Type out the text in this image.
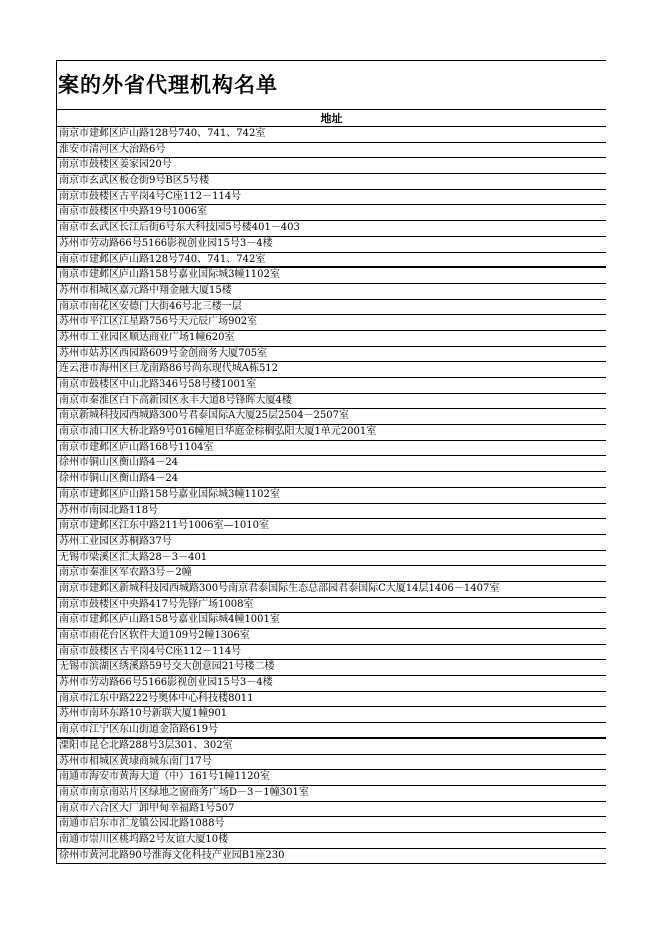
案的外省代理机构名单
地址
南京市建邺区庐山路128号740、741、742室
淮安市清河区大治路6号
南京市鼓楼区姜家园20号
南京市玄武区板仓街9号B区5号楼
南京市鼓楼区古平岗4号C座112－114号
南京市鼓楼区中央路19号1006室
南京市玄武区长江后街6号东大科技园5号楼401－403
苏州市劳动路66号5166影视创业园15号3－4楼
南京市建邺区庐山路128号740、741、742室
南京市建邺区庐山路158号嘉业国际城3幢1102室
苏州市相城区嘉元路中翔金融大厦15楼
南京市南花区安德门大街46号北三楼一层
苏州市平江区江星路756号天元辰广场902室
苏州市工业园区顺达商业广场1幢620室
苏州市姑苏区西园路609号金创商务大厦705室
连云港市海州区巨龙南路86号尚东现代城A栋512
南京市鼓楼区中山北路346号58号楼1001室
南京市秦淮区白下高新园区永丰大道8号锋晖大厦4楼
南京新城科技园西城路300号君泰国际A大厦25层2504－2507室
南京市浦口区大桥北路9号016幢旭日华庭金棕榈弘阳大厦1单元2001室
南京市建邺区庐山路168号1104室
徐州市铜山区衡山路4－24
徐州市铜山区衡山路4－24
南京市建邺区庐山路158号嘉业国际城3幢1102室
苏州市南园北路118号
南京市建邺区江东中路211号1006室—1010室
苏州工业园区苏桐路37号
无锡市梁溪区汇太路28－3－401
南京市秦淮区军农路3号－2幢
南京市建邺区新城科技园西城路300号南京君泰国际生态总部园君泰国际C大厦14层1406－1407室
南京市鼓楼区中央路417号先锋广场1008室
南京市建邺区庐山路158号嘉业国际城4幢1001室
南京市雨花台区软件大道109号2幢1306室
南京市鼓楼区古平岗4号C座112－114号
无锡市滨湖区绣溪路59号交大创意园21号楼二楼
苏州市劳动路66号5166影视创业园15号3－4楼
南京市江东中路222号奥体中心科技楼8011
苏州市南环东路10号新联大厦1幢901
南京市江宁区东山街道金箔路619号
溧阳市昆仑北路288号3层301、302室
苏州市相城区黄埭商城东南门17号
南通市海安市黄海大道（中）161号1幢1120室
南京市南京南站片区绿地之窗商务广场D－3－1幢301室
南京市六合区大厂卸甲甸幸福路1号507
南通市启东市汇龙镇公园北路1088号
南通市崇川区桃坞路2号友谊大厦10楼
徐州市黄河北路90号淮海文化科技产业园B1座230
